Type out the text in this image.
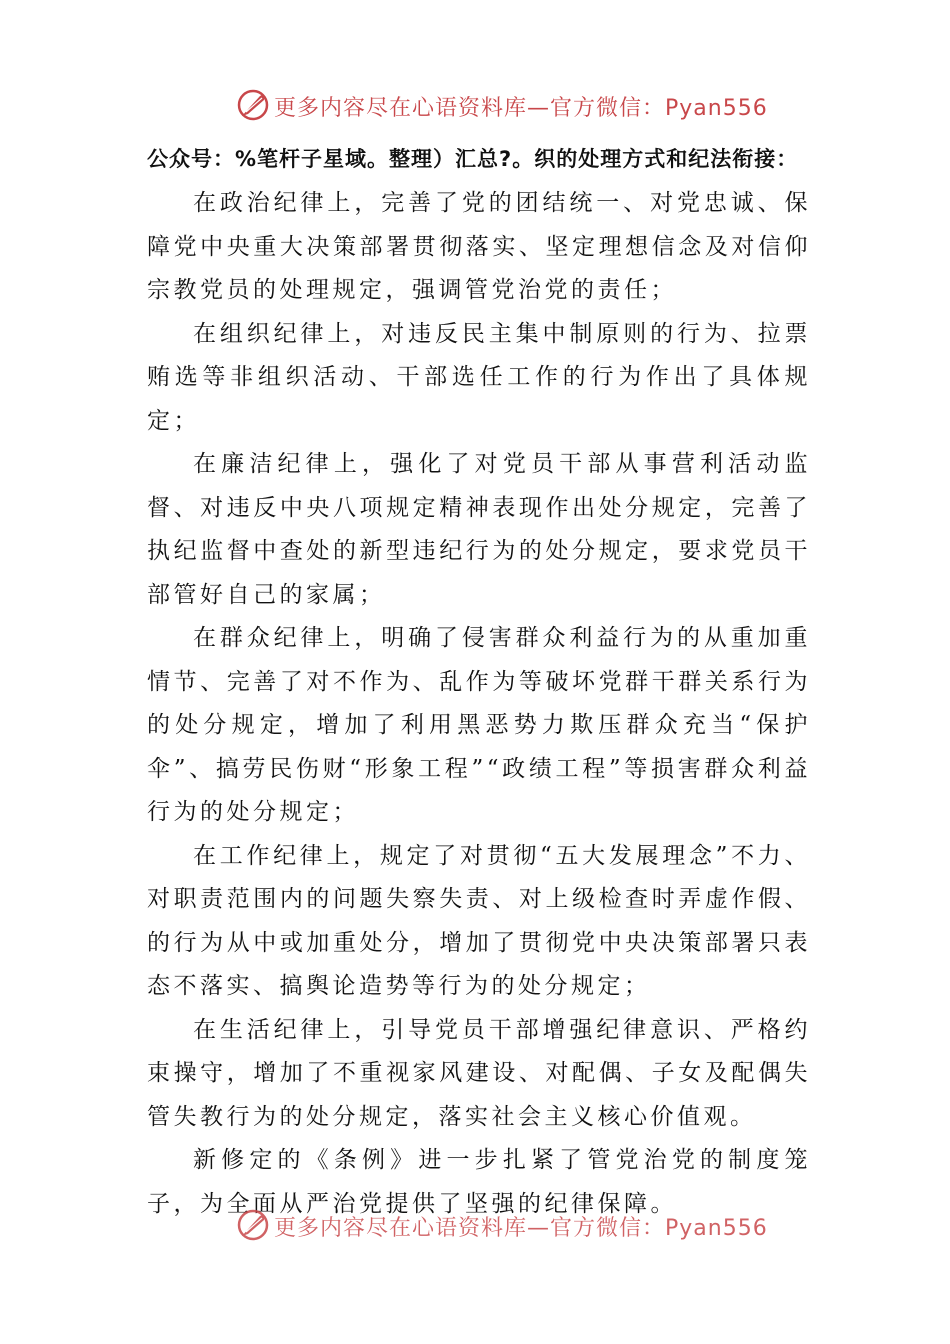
更多内容尽在心语资料库—官方微信：Pyan556

公众号：%笔杆子星域。整理）汇总?。织的处理方式和纪法衔接：

在政治纪律上，完善了党的团结统一、对党忠诚、保障党中央重大决策部署贯彻落实、坚定理想信念及对信仰宗教党员的处理规定，强调管党治党的责任；

在组织纪律上，对违反民主集中制原则的行为、拉票贿选等非组织活动、干部选任工作的行为作出了具体规定；

在廉洁纪律上，强化了对党员干部从事营利活动监督、对违反中央八项规定精神表现作出处分规定，完善了执纪监督中查处的新型违纪行为的处分规定，要求党员干部管好自己的家属；

在群众纪律上，明确了侵害群众利益行为的从重加重情节、完善了对不作为、乱作为等破坏党群干群关系行为的处分规定，增加了利用黑恶势力欺压群众充当“保护伞”、搞劳民伤财“形象工程”“政绩工程”等损害群众利益行为的处分规定；

在工作纪律上，规定了对贯彻“五大发展理念”不力、对职责范围内的问题失察失责、对上级检查时弄虚作假、的行为从中或加重处分，增加了贯彻党中央决策部署只表态不落实、搞舆论造势等行为的处分规定；

在生活纪律上，引导党员干部增强纪律意识、严格约束操守，增加了不重视家风建设、对配偶、子女及配偶失管失教行为的处分规定，落实社会主义核心价值观。

新修定的《条例》进一步扎紧了管党治党的制度笼子，为全面从严治党提供了坚强的纪律保障。

更多内容尽在心语资料库—官方微信：Pyan556
